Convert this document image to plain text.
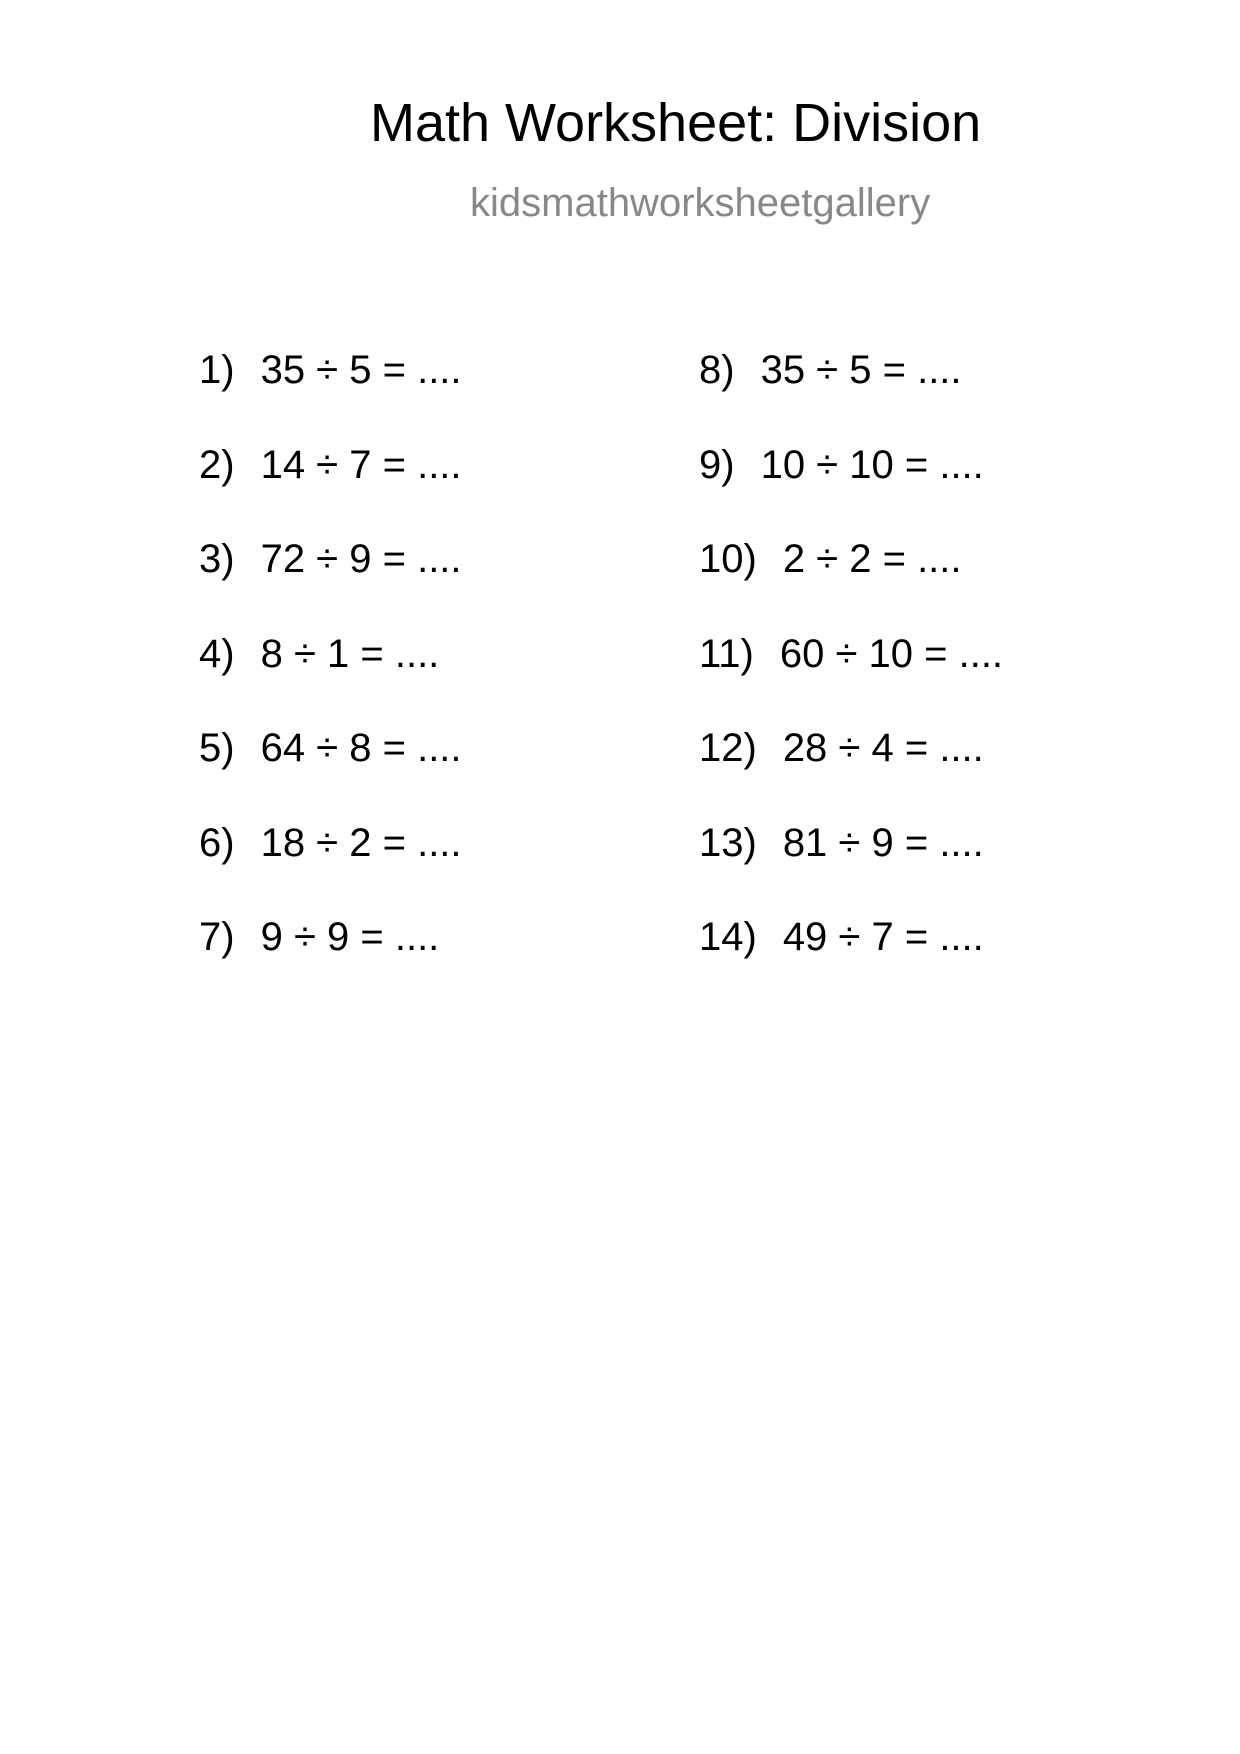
Math Worksheet: Division
kidsmathworksheetgallery
1) 35 ÷ 5 = ....
2) 14 ÷ 7 = ....
3) 72 ÷ 9 = ....
4) 8 ÷ 1 = ....
5) 64 ÷ 8 = ....
6) 18 ÷ 2 = ....
7) 9 ÷ 9 = ....
8) 35 ÷ 5 = ....
9) 10 ÷ 10 = ....
10) 2 ÷ 2 = ....
11) 60 ÷ 10 = ....
12) 28 ÷ 4 = ....
13) 81 ÷ 9 = ....
14) 49 ÷ 7 = ....
